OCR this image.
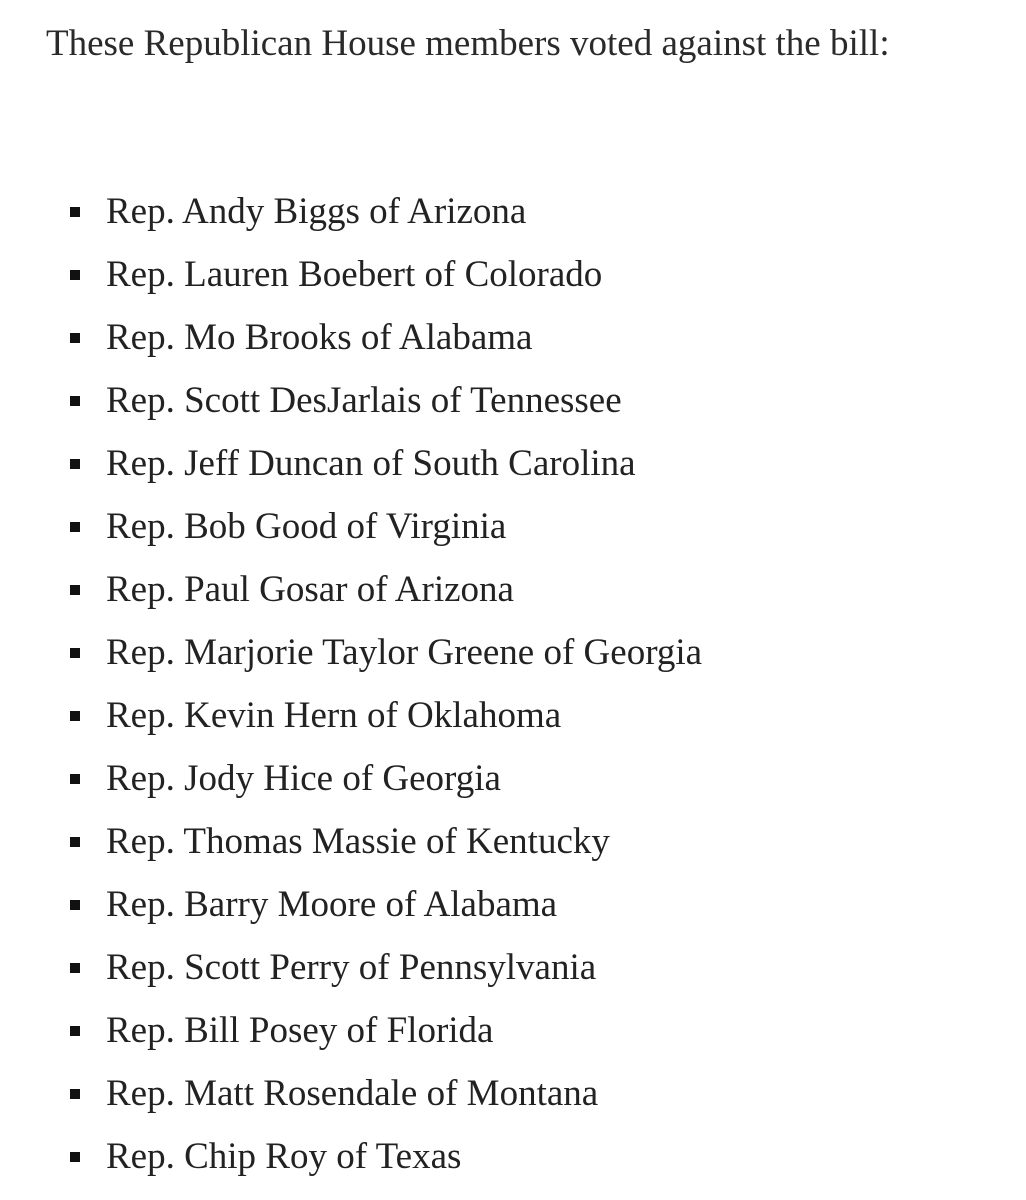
These Republican House members voted against the bill:

Rep. Andy Biggs of Arizona
Rep. Lauren Boebert of Colorado
Rep. Mo Brooks of Alabama
Rep. Scott DesJarlais of Tennessee
Rep. Jeff Duncan of South Carolina
Rep. Bob Good of Virginia
Rep. Paul Gosar of Arizona
Rep. Marjorie Taylor Greene of Georgia
Rep. Kevin Hern of Oklahoma
Rep. Jody Hice of Georgia
Rep. Thomas Massie of Kentucky
Rep. Barry Moore of Alabama
Rep. Scott Perry of Pennsylvania
Rep. Bill Posey of Florida
Rep. Matt Rosendale of Montana
Rep. Chip Roy of Texas
